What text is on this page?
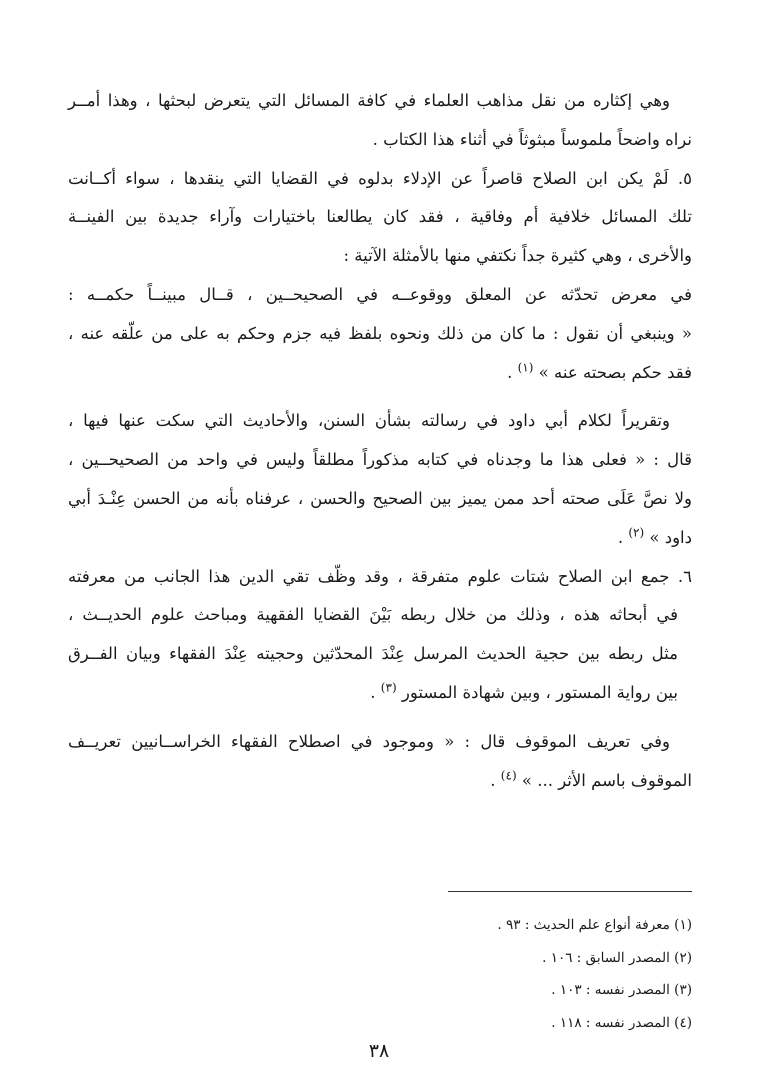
وهي إكثاره من نقل مذاهب العلماء في كافة المسائل التي يتعرض لبحثها ، وهذا أمــر
نراه واضحاً ملموساً مبثوثاً في أثناء هذا الكتاب .
٥. لَمْ يكن ابن الصلاح قاصراً عن الإدلاء بدلوه في القضايا التي ينقدها ، سواء أكــانت
تلك المسائل خلافية أم وفاقية ، فقد كان يطالعنا باختيارات وآراء جديدة بين الفينــة
والأخرى ، وهي كثيرة جداً نكتفي منها بالأمثلة الآتية :
في معرض تحدّثه عن المعلق ووقوعــه في الصحيحــين ، قــال مبينــاً حكمــه :
« وينبغي أن نقول : ما كان من ذلك ونحوه بلفظ فيه جزم وحكم به على من علّقه عنه ،
فقد حكم بصحته عنه » $^{(١)}$ .
وتقريراً لكلام أبي داود في رسالته بشأن السنن، والأحاديث التي سكت عنها فيها ،
قال : « فعلى هذا ما وجدناه في كتابه مذكوراً مطلقاً وليس في واحد من الصحيحــين ،
ولا نصَّ عَلَى صحته أحد ممن يميز بين الصحيح والحسن ، عرفناه بأنه من الحسن عِنْـدَ أبي
داود » $^{(٢)}$ .
٦. جمع ابن الصلاح شتات علوم متفرقة ، وقد وظّف تقي الدين هذا الجانب من معرفته
في أبحاثه هذه ، وذلك من خلال ربطه بَيْنَ القضايا الفقهية ومباحث علوم الحديــث ،
مثل ربطه بين حجية الحديث المرسل عِنْدَ المحدّثين وحجيته عِنْدَ الفقهاء وبيان الفــرق
بين رواية المستور ، وبين شهادة المستور $^{(٣)}$ .
وفي تعريف الموقوف قال : « وموجود في اصطلاح الفقهاء الخراســانيين تعريــف
الموقوف باسم الأثر ... » $^{(٤)}$ .
(١) معرفة أنواع علم الحديث : ٩٣ .
(٢) المصدر السابق : ١٠٦ .
(٣) المصدر نفسه : ١٠٣ .
(٤) المصدر نفسه : ١١٨ .
٣٨
